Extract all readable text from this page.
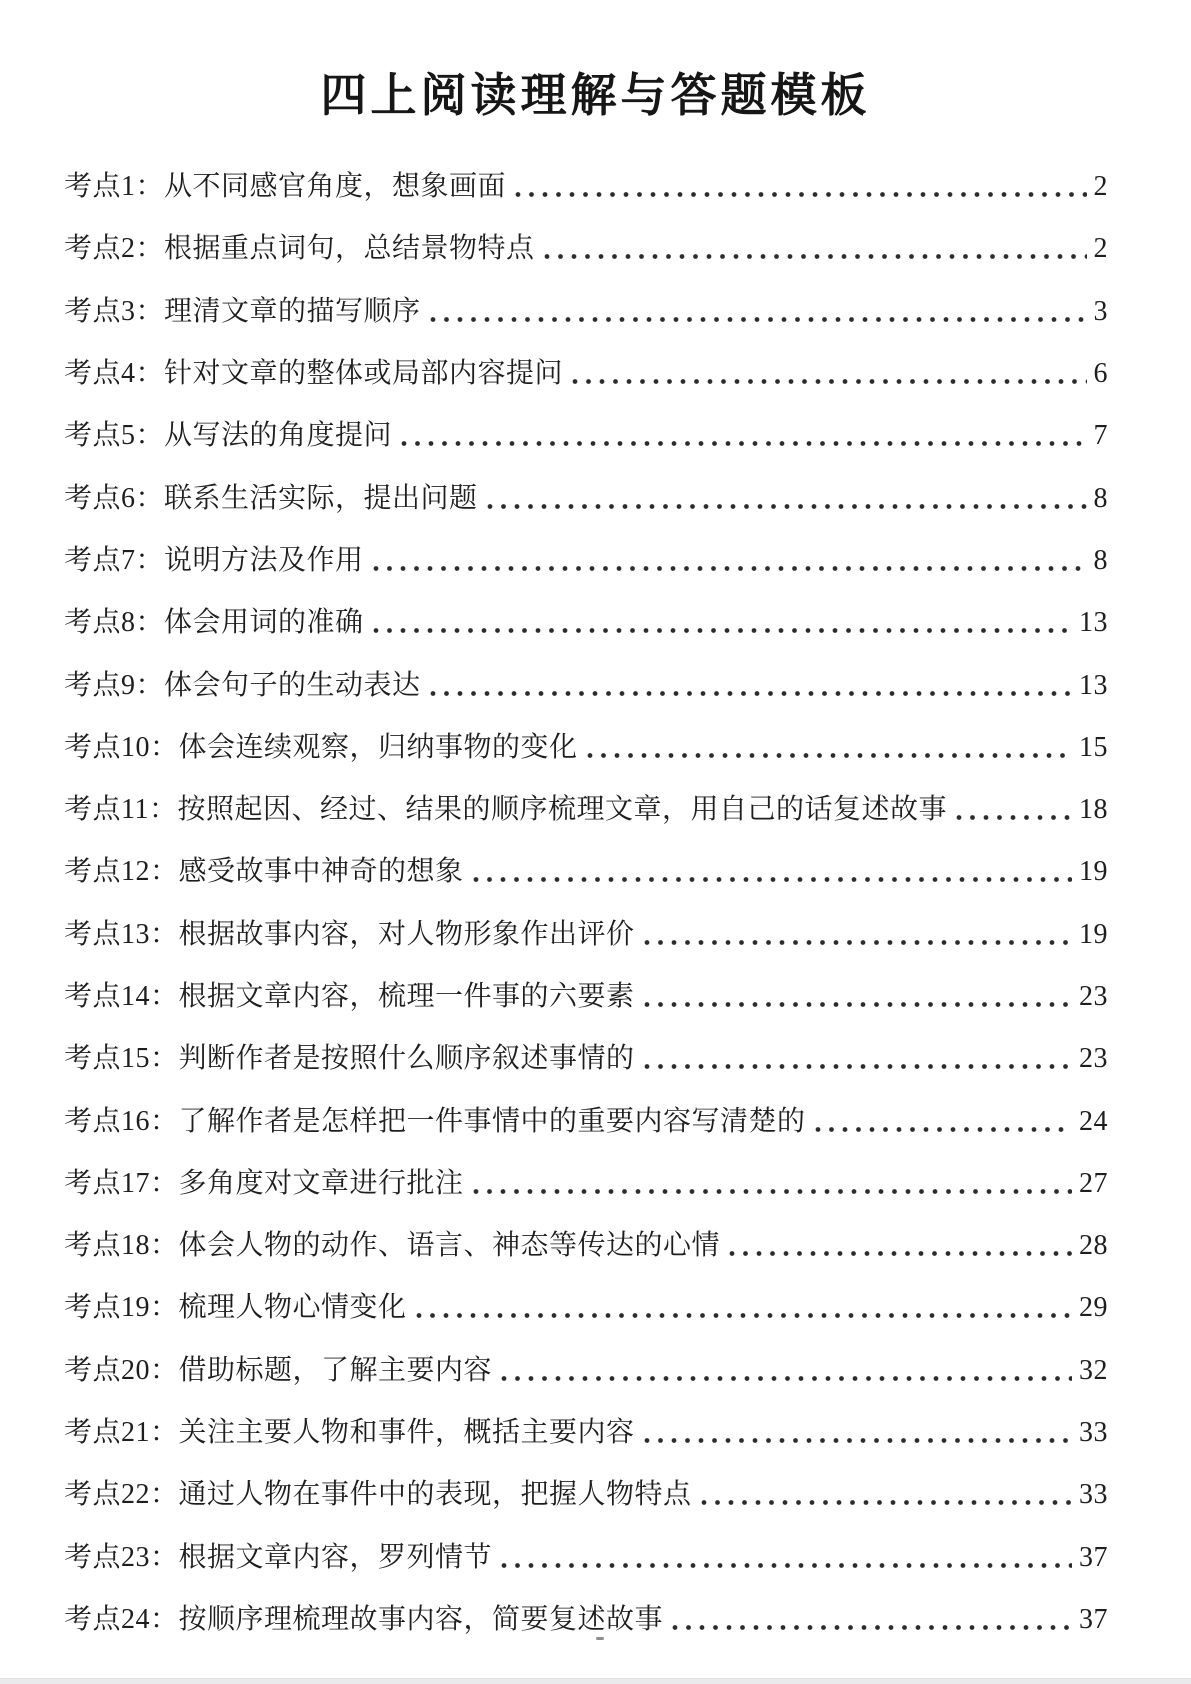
四上阅读理解与答题模板
考点1：从不同感官角度，想象画面	2
考点2：根据重点词句，总结景物特点	2
考点3：理清文章的描写顺序	3
考点4：针对文章的整体或局部内容提问	6
考点5：从写法的角度提问	7
考点6：联系生活实际，提出问题	8
考点7：说明方法及作用	8
考点8：体会用词的准确	13
考点9：体会句子的生动表达	13
考点10：体会连续观察，归纳事物的变化	15
考点11：按照起因、经过、结果的顺序梳理文章，用自己的话复述故事	18
考点12：感受故事中神奇的想象	19
考点13：根据故事内容，对人物形象作出评价	19
考点14：根据文章内容，梳理一件事的六要素	23
考点15：判断作者是按照什么顺序叙述事情的	23
考点16：了解作者是怎样把一件事情中的重要内容写清楚的	24
考点17：多角度对文章进行批注	27
考点18：体会人物的动作、语言、神态等传达的心情	28
考点19：梳理人物心情变化	29
考点20：借助标题，了解主要内容	32
考点21：关注主要人物和事件，概括主要内容	33
考点22：通过人物在事件中的表现，把握人物特点	33
考点23：根据文章内容，罗列情节	37
考点24：按顺序理梳理故事内容，简要复述故事	37
